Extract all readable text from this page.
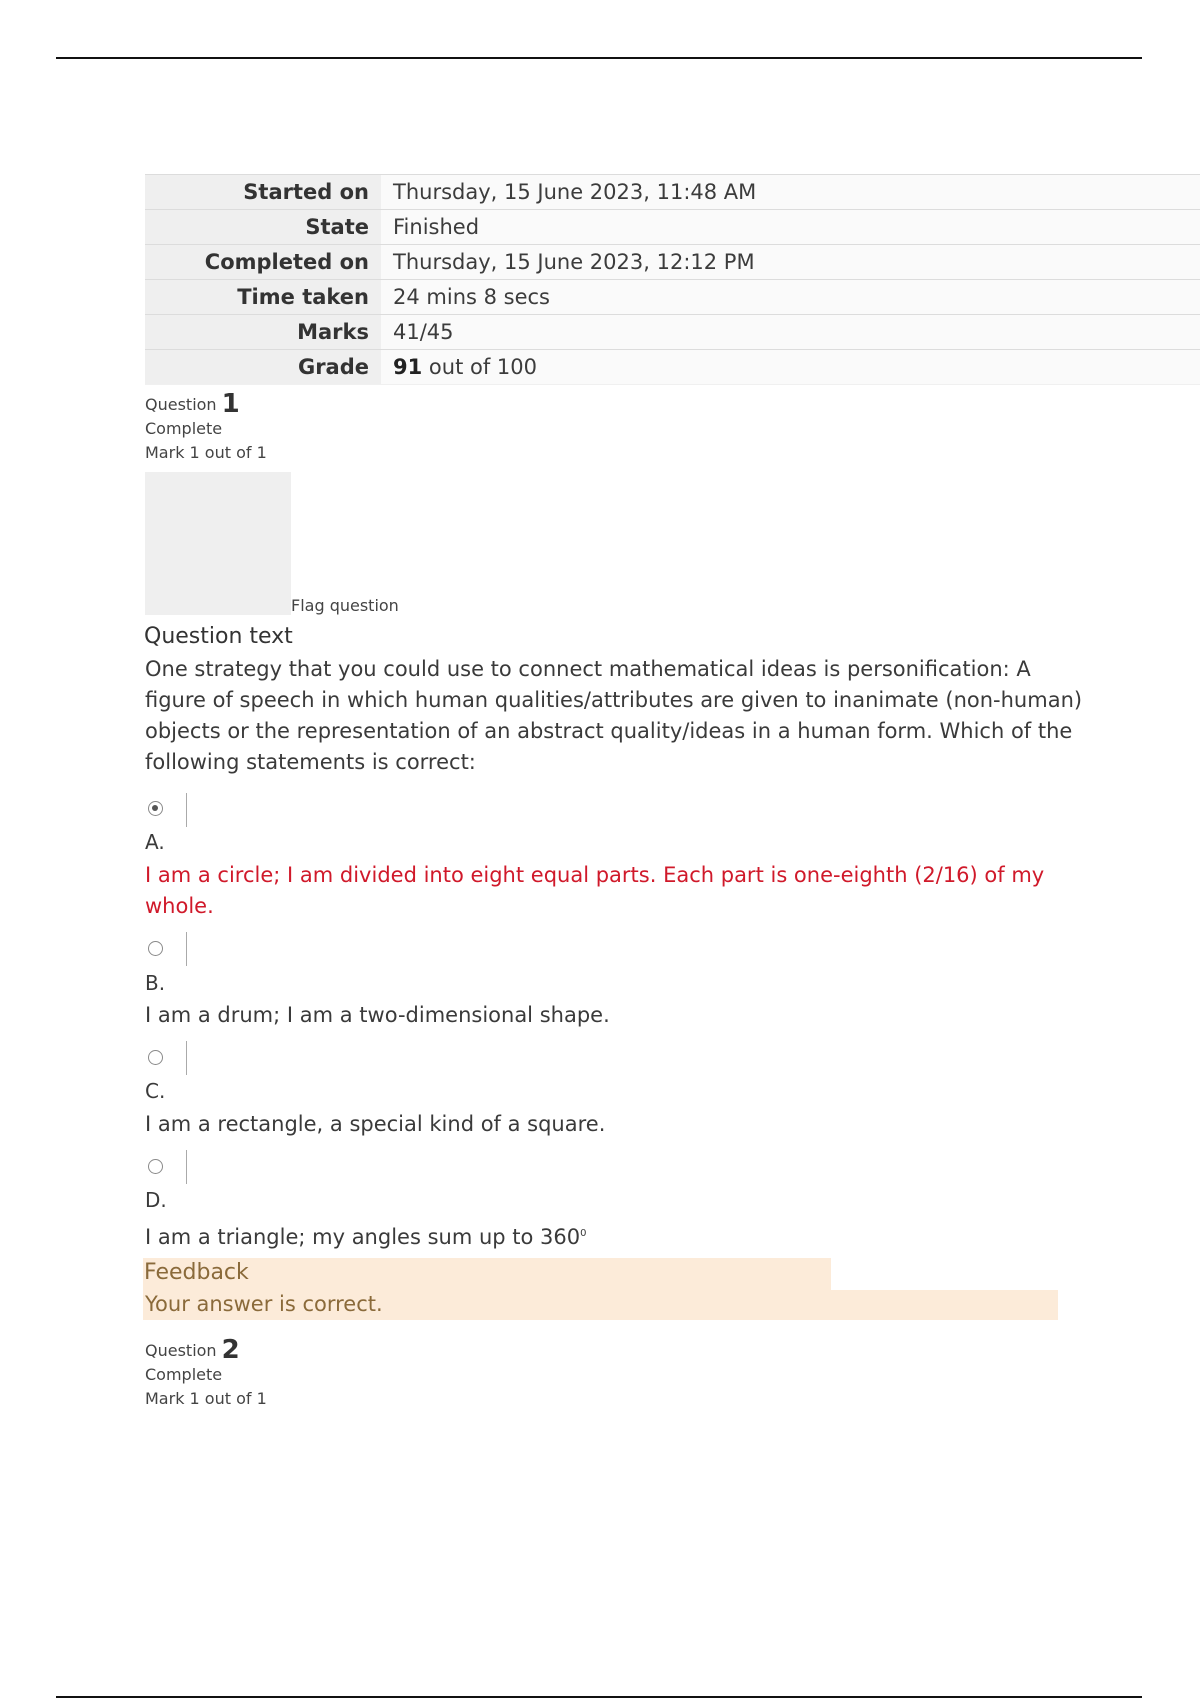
Started on	Thursday, 15 June 2023, 11:48 AM
State	Finished
Completed on	Thursday, 15 June 2023, 12:12 PM
Time taken	24 mins 8 secs
Marks	41/45
Grade	91 out of 100
Question 1
Complete
Mark 1 out of 1
Flag question
Question text
One strategy that you could use to connect mathematical ideas is personification: A figure of speech in which human qualities/attributes are given to inanimate (non-human) objects or the representation of an abstract quality/ideas in a human form. Which of the following statements is correct:
A.
I am a circle; I am divided into eight equal parts. Each part is one-eighth (2/16) of my whole.
B.
I am a drum; I am a two-dimensional shape.
C.
I am a rectangle, a special kind of a square.
D.
I am a triangle; my angles sum up to $360^0$
Feedback
Your answer is correct.
Question 2
Complete
Mark 1 out of 1
